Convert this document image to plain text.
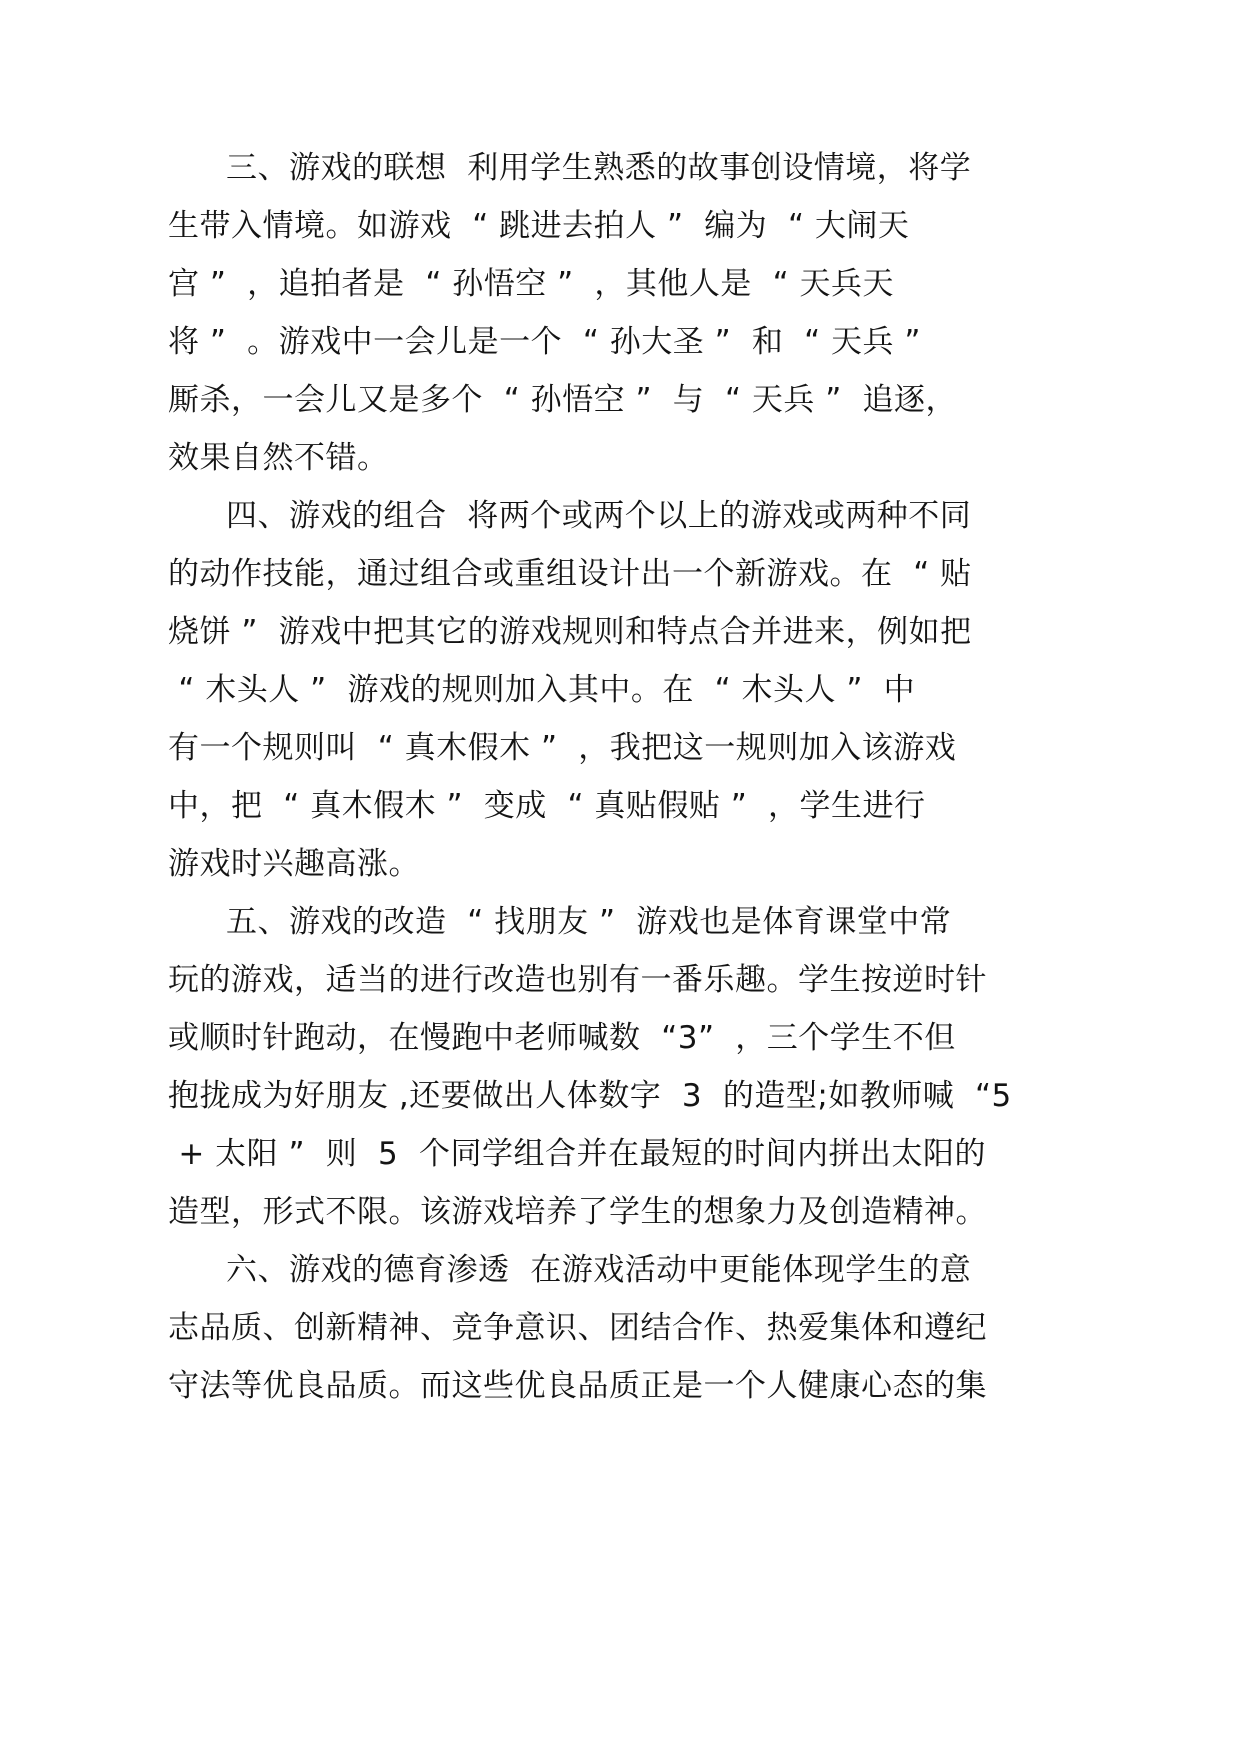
三、游戏的联想  利用学生熟悉的故事创设情境，将学
生带入情境。如游戏  “ 跳进去拍人 ”  编为  “ 大闹天
宫 ”  ，追拍者是  “ 孙悟空 ”  ，其他人是  “ 天兵天
将 ”  。游戏中一会儿是一个  “ 孙大圣 ”  和  “ 天兵 ”
厮杀，一会儿又是多个  “ 孙悟空 ”  与  “ 天兵 ”  追逐，
效果自然不错。
四、游戏的组合  将两个或两个以上的游戏或两种不同
的动作技能，通过组合或重组设计出一个新游戏。在  “ 贴
烧饼 ”  游戏中把其它的游戏规则和特点合并进来，例如把
“ 木头人 ”  游戏的规则加入其中。在  “ 木头人 ”  中
有一个规则叫  “ 真木假木 ”  ，我把这一规则加入该游戏
中，把  “ 真木假木 ”  变成  “ 真贴假贴 ”  ，学生进行
游戏时兴趣高涨。
五、游戏的改造  “ 找朋友 ”  游戏也是体育课堂中常
玩的游戏，适当的进行改造也别有一番乐趣。学生按逆时针
或顺时针跑动，在慢跑中老师喊数  “3”  ，三个学生不但
抱拢成为好朋友 ,还要做出人体数字  3  的造型;如教师喊  “5
+ 太阳 ”  则  5  个同学组合并在最短的时间内拼出太阳的
造型，形式不限。该游戏培养了学生的想象力及创造精神。
六、游戏的德育渗透  在游戏活动中更能体现学生的意
志品质、创新精神、竞争意识、团结合作、热爱集体和遵纪
守法等优良品质。而这些优良品质正是一个人健康心态的集
